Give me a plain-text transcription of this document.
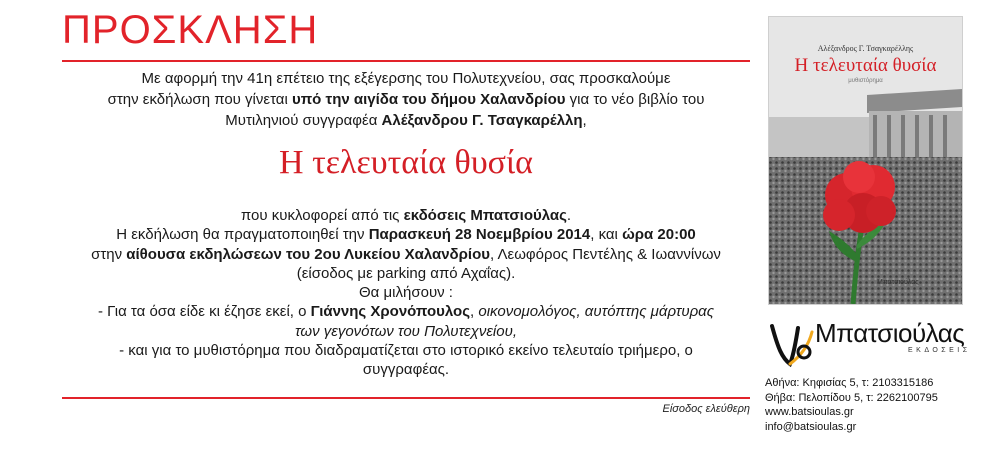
ΠΡΟΣΚΛΗΣΗ
Με αφορμή την 41η επέτειο της εξέγερσης του Πολυτεχνείου, σας προσκαλούμε
στην εκδήλωση που γίνεται υπό την αιγίδα του δήμου Χαλανδρίου για το νέο βιβλίο του
Μυτιληνιού συγγραφέα Αλέξανδρου Γ. Τσαγκαρέλλη,
Η τελευταία θυσία
που κυκλοφορεί από τις εκδόσεις Μπατσιούλας.
Η εκδήλωση θα πραγματοποιηθεί την Παρασκευή 28 Νοεμβρίου 2014, και ώρα 20:00
στην αίθουσα εκδηλώσεων του 2ου Λυκείου Χαλανδρίου, Λεωφόρος Πεντέλης & Ιωαννίνων
(είσοδος με parking από Αχαΐας).
Θα μιλήσουν :
- Για τα όσα είδε κι έζησε εκεί, ο Γιάννης Χρονόπουλος, οικονομολόγος, αυτόπτης μάρτυρας
των γεγονότων του Πολυτεχνείου,
- και για το μυθιστόρημα που διαδραματίζεται στο ιστορικό εκείνο τελευταίο τριήμερο, ο
συγγραφέας.
Είσοδος ελεύθερη
Αλέξανδρος Γ. Τσαγκαρέλλης
Η τελευταία θυσία
μυθιστόρημα
Μπατσιούλας
Μπατσιούλας
ΕΚΔΟΣΕΙΣ
Αθήνα: Κηφισίας 5, τ: 2103315186
Θήβα: Πελοπίδου 5, τ: 2262100795
www.batsioulas.gr
info@batsioulas.gr
